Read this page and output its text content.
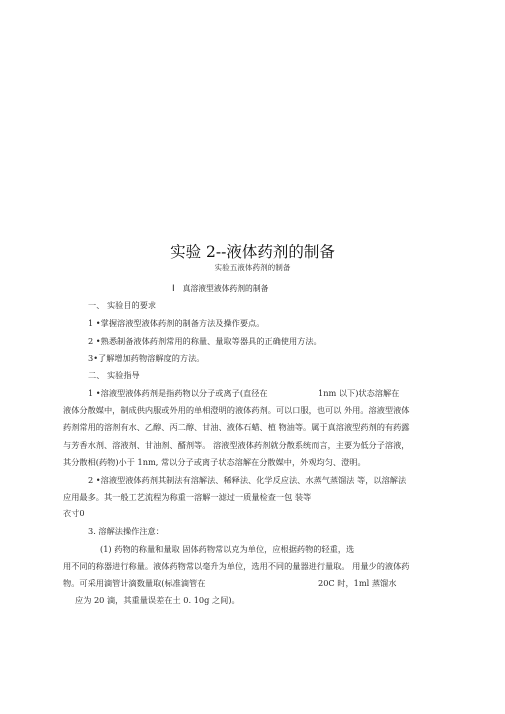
实验 2--液体药剂的制备
实验五液体药剂的制备
I 真溶液型液体药剂的制备
一、 实验目的要求
1 •掌握溶液型液体药剂的制备方法及操作要点。
2 •熟悉制备液体药剂常用的称量、量取等器具的正确使用方法。
3•了解增加药物溶解度的方法。
二、 实验指导
1 •溶液型液体药剂是指药物以分子或离子(直径在	1nm 以下)状态溶解在
液体分散媒中，制成供内服或外用的单相澄明的液体药剂。可以口服，也可以 外用。溶液型液体
药剂常用的溶剂有水、乙醇、丙二醇、甘油、液体石蜡、植 物油等。属于真溶液型药剂的有药露
与芳香水剂、溶液剂、甘油剂、醑剂等。 溶液型液体药剂就分散系统而言，主要为低分子溶液，
其分散相(药物)小于 1nm, 常以分子或离子状态溶解在分散媒中，外观均匀、澄明。
2 •溶液型液体药剂其制法有溶解法、稀释法、化学反应法、水蒸气蒸馏法 等，以溶解法
应用最多。其一般工艺流程为称重一溶解一滤过一质量检查一包 装等
衣寸0
3. 溶解法操作注意：
(1) 药物的称量和量取 固体药物常以克为单位，应根据药物的轻重，选
用不同的称器进行称量。液体药物常以毫升为单位，选用不同的量器进行量取。 用量少的液体药
物。可采用滴管计滴数量取(标准滴管在	20C 时，1ml 蒸馏水
应为 20 滴，其重量误差在土 0. 10g 之间)。
